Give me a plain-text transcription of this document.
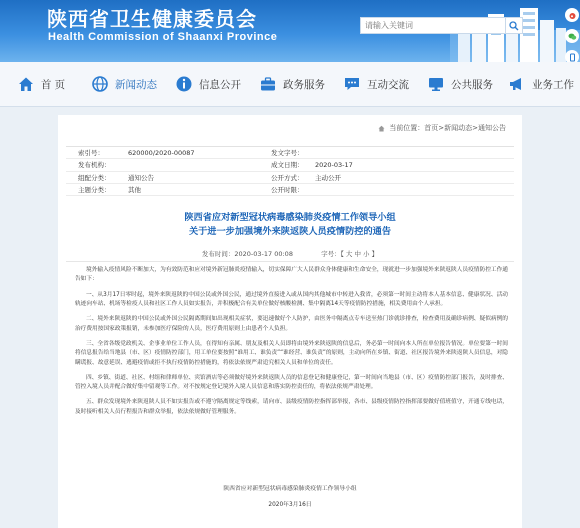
陕西省卫生健康委员会
Health Commission of Shaanxi Province
请输入关键词
首 页	新闻动态	信息公开	政务服务	互动交流	公共服务	业务工作
当前位置： 首页 > 新闻动态 > 通知公告
索引号：	620000/2020-00087	发文字号：
发布机构：	成文日期： 2020-03-17
组配分类：	通知公告	公开方式： 主动公开
主题分类：	其他	公开时限：
陕西省应对新型冠状病毒感染肺炎疫情工作领导小组
关于进一步加强境外来陕返陕人员疫情防控的通告
发布时间：2020-03-17 00:08	字号：【 大 中 小 】

境外输入疫情风险不断加大，为有效防范和应对境外新冠肺炎疫情输入，切实保障广大人民群众身体健康和生命安全，现就进一步加强境外来陕返陕人员疫情防控工作通告如下：

一、从3月17日零时起，境外来陕返陕的中国公民或外国公民，通过境外直接进入或从国内其他城市中转进入我省，必须第一时间主动将本人基本信息、健康状况、活动轨迹向车站、机场等检疫人员和社区工作人员如实报告，并积极配合有关单位做好核酸检测、集中隔离14天等疫情防控措施，相关费用由个人承担。

二、境外来陕返陕的中国公民或外国公民隔离期间如出现相关症状，要迅速做好个人防护，由医务中隔离点专车送至热门诊就诊排查，检查费用及确诊病例、疑似病例的治疗费用按国家政策报销，未参加医疗保险的人员，医疗费用原则上由患者个人负担。

三、全省各级党政机关、企事业单位工作人员，在得知有亲属、朋友及相关人员即将由境外来陕返陕的信息后，务必第一时间向本人所在单位报告情况。单位要第一时间将信息报告给当地县（市、区）疫情防控部门，用工单位要按照“谁用工、谁负责”“谁经营、谁负责”的原则，主动向所在乡镇、街道、社区报告境外来陕返陕人员信息，对隐瞒谎报、故意延误、逃避疫情或拒不执行疫情防控措施的，将依法依规严肃追究相关人员和单位的责任。

四、乡镇、街道、社区、村组和律师单位、宾馆酒店等必须做好境外来陕返陕人员的信息登记和健康登记，第一时间向当地县（市、区）疫情防控部门报告，及时排查、管控入境人员并配合做好集中留观等工作。对不按规定登记境外入境人员信息和落实防控责任的，将依法依规严肃处理。

五、群众发现境外来陕返陕人员不如实报告或不遵守隔离规定等线索，请向市、县级疫情防控指挥部举报，各市、县级疫情防控指挥部要做好值班值守，开通专线电话，及时接听相关人员行程报告和群众举报，依法依规做好管理服务。

陕西省应对新型冠状病毒感染肺炎疫情工作领导小组
2020年3月16日
